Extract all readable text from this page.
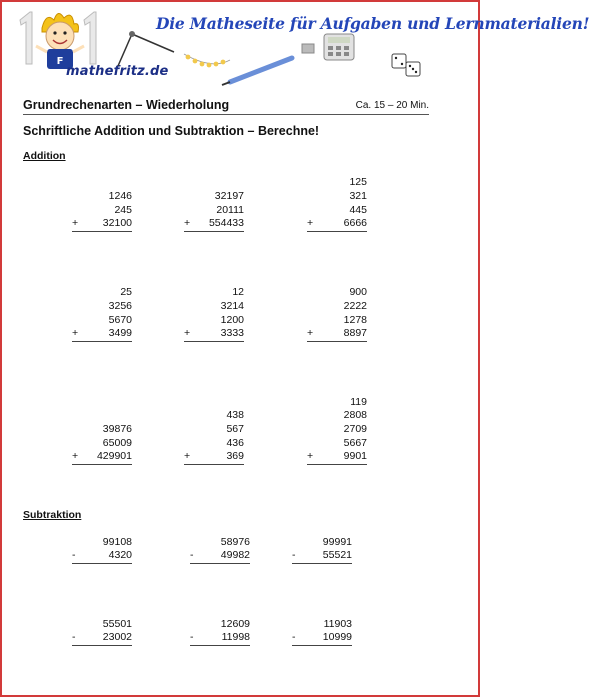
F
mathefritz.de
Die Matheseite für Aufgaben und Lernmaterialien!
Grundrechenarten – Wiederholung	Ca. 15 – 20 Min.
Schriftliche Addition und Subtraktion – Berechne!
Addition
Subtraktion
1246
245
+ 32100
32197
20111
+ 554433
125
321
445
+	6666
25
3256
5670
+	3499
12
3214
1200
+	3333
900
2222
1278
+	8897
39876
65009
+ 429901
438
567
436
+	369
119
2808
2709
5667
+	9901
99108
-	4320
58976
-	49982
99991
-	55521
55501
-	23002
12609
-	11998
11903
-	10999
